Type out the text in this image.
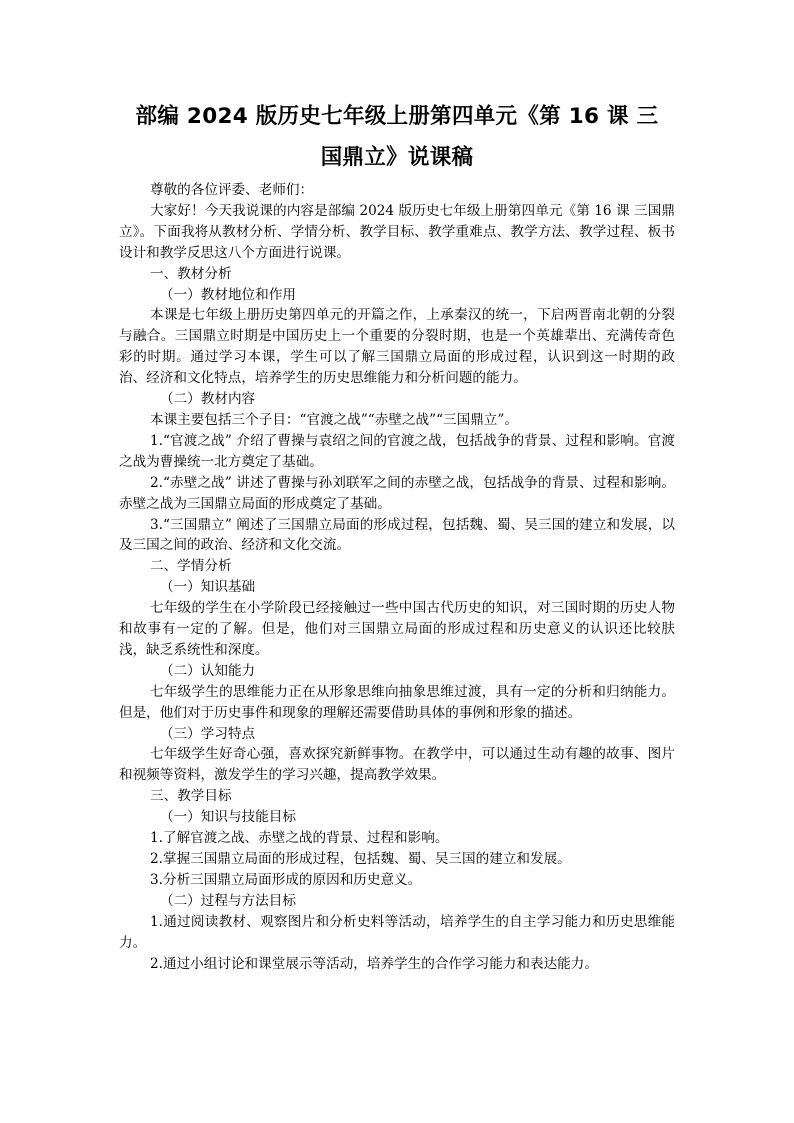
部编 2024 版历史七年级上册第四单元《第 16 课 三
国鼎立》说课稿

尊敬的各位评委、老师们：

大家好！今天我说课的内容是部编 2024 版历史七年级上册第四单元《第 16 课 三国鼎立》。下面我将从教材分析、学情分析、教学目标、教学重难点、教学方法、教学过程、板书设计和教学反思这八个方面进行说课。

一、教材分析

（一）教材地位和作用

本课是七年级上册历史第四单元的开篇之作，上承秦汉的统一，下启两晋南北朝的分裂与融合。三国鼎立时期是中国历史上一个重要的分裂时期，也是一个英雄辈出、充满传奇色彩的时期。通过学习本课，学生可以了解三国鼎立局面的形成过程，认识到这一时期的政治、经济和文化特点，培养学生的历史思维能力和分析问题的能力。

（二）教材内容

本课主要包括三个子目：“官渡之战”“赤壁之战”“三国鼎立”。

1.“官渡之战” 介绍了曹操与袁绍之间的官渡之战，包括战争的背景、过程和影响。官渡之战为曹操统一北方奠定了基础。

2.“赤壁之战” 讲述了曹操与孙刘联军之间的赤壁之战，包括战争的背景、过程和影响。赤壁之战为三国鼎立局面的形成奠定了基础。

3.“三国鼎立” 阐述了三国鼎立局面的形成过程，包括魏、蜀、吴三国的建立和发展，以及三国之间的政治、经济和文化交流。

二、学情分析

（一）知识基础

七年级的学生在小学阶段已经接触过一些中国古代历史的知识，对三国时期的历史人物和故事有一定的了解。但是，他们对三国鼎立局面的形成过程和历史意义的认识还比较肤浅，缺乏系统性和深度。

（二）认知能力

七年级学生的思维能力正在从形象思维向抽象思维过渡，具有一定的分析和归纳能力。但是，他们对于历史事件和现象的理解还需要借助具体的事例和形象的描述。

（三）学习特点

七年级学生好奇心强，喜欢探究新鲜事物。在教学中，可以通过生动有趣的故事、图片和视频等资料，激发学生的学习兴趣，提高教学效果。

三、教学目标

（一）知识与技能目标

1.了解官渡之战、赤壁之战的背景、过程和影响。

2.掌握三国鼎立局面的形成过程，包括魏、蜀、吴三国的建立和发展。

3.分析三国鼎立局面形成的原因和历史意义。

（二）过程与方法目标

1.通过阅读教材、观察图片和分析史料等活动，培养学生的自主学习能力和历史思维能力。

2.通过小组讨论和课堂展示等活动，培养学生的合作学习能力和表达能力。
